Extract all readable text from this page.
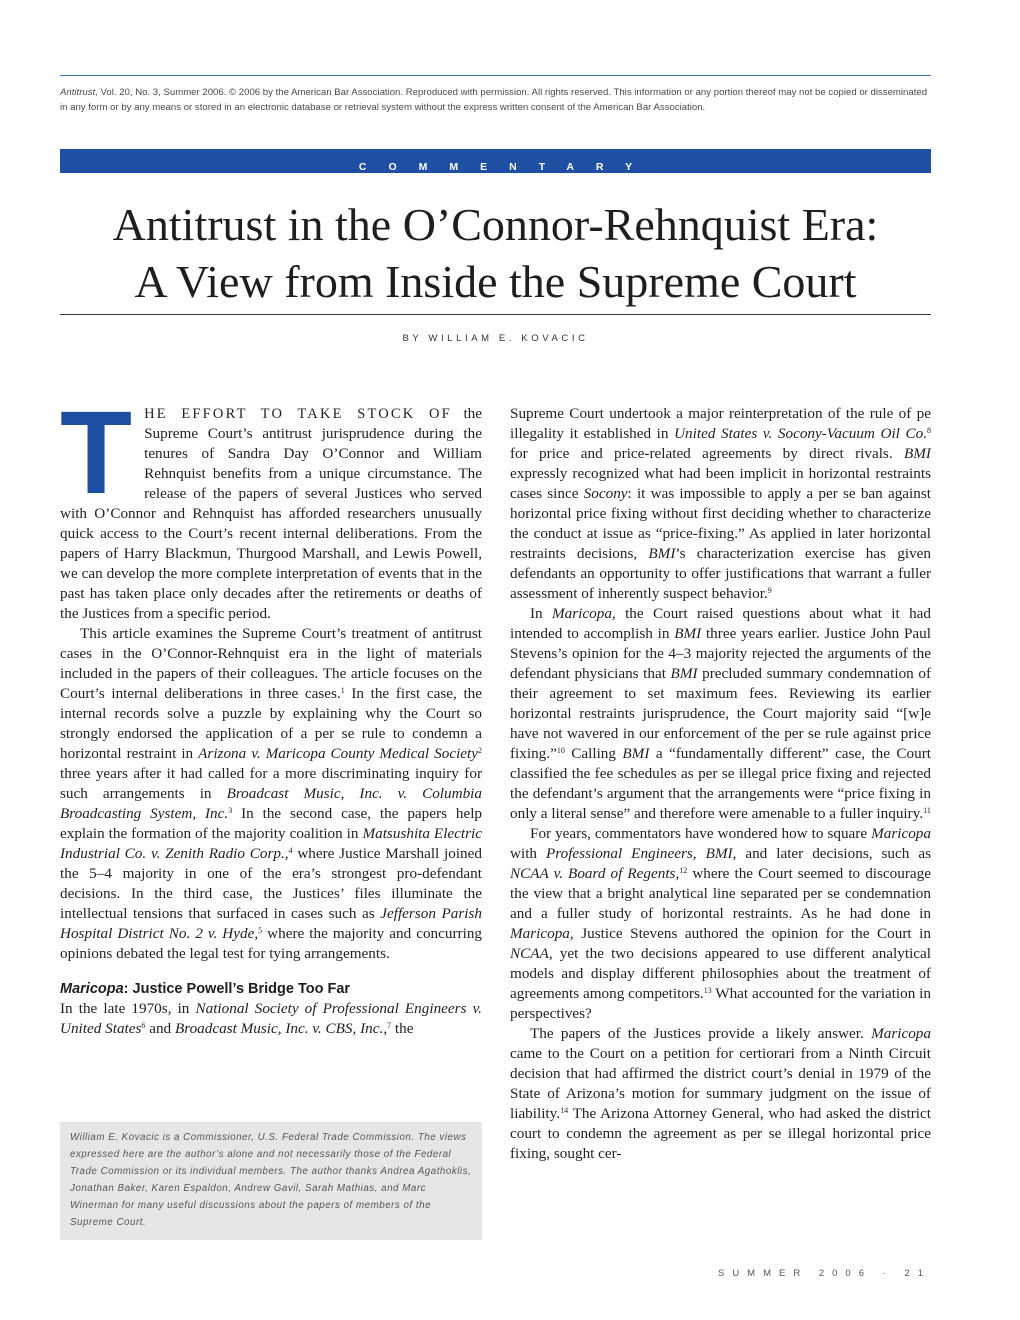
Antitrust, Vol. 20, No. 3, Summer 2006. © 2006 by the American Bar Association. Reproduced with permission. All rights reserved. This information or any portion thereof may not be copied or disseminated in any form or by any means or stored in an electronic database or retrieval system without the express written consent of the American Bar Association.
COMMENTARY
Antitrust in the O’Connor-Rehnquist Era:
A View from Inside the Supreme Court
BY WILLIAM E. KOVACIC

THE EFFORT TO TAKE STOCK OF the Supreme Court’s antitrust jurisprudence during the tenures of Sandra Day O’Connor and William Rehnquist benefits from a unique circumstance. The release of the papers of several Justices who served with O’Connor and Rehnquist has afforded researchers unusually quick access to the Court’s recent internal deliberations. From the papers of Harry Blackmun, Thurgood Marshall, and Lewis Powell, we can develop the more complete interpretation of events that in the past has taken place only decades after the retirements or deaths of the Justices from a specific period.

This article examines the Supreme Court’s treatment of antitrust cases in the O’Connor-Rehnquist era in the light of materials included in the papers of their colleagues. The article focuses on the Court’s internal deliberations in three cases.$^1$ In the first case, the internal records solve a puzzle by explaining why the Court so strongly endorsed the application of a per se rule to condemn a horizontal restraint in Arizona v. Maricopa County Medical Society$^2$ three years after it had called for a more discriminating inquiry for such arrangements in Broadcast Music, Inc. v. Columbia Broadcasting System, Inc.$^3$ In the second case, the papers help explain the formation of the majority coalition in Matsushita Electric Industrial Co. v. Zenith Radio Corp.,$^4$ where Justice Marshall joined the 5–4 majority in one of the era’s strongest pro-defendant decisions. In the third case, the Justices’ files illuminate the intellectual tensions that surfaced in cases such as Jefferson Parish Hospital District No. 2 v. Hyde,$^5$ where the majority and concurring opinions debated the legal test for tying arrangements.

Maricopa: Justice Powell’s Bridge Too Far

In the late 1970s, in National Society of Professional Engineers v. United States$^6$ and Broadcast Music, Inc. v. CBS, Inc.,$^7$ the

William E. Kovacic is a Commissioner, U.S. Federal Trade Commission. The views expressed here are the author’s alone and not necessarily those of the Federal Trade Commission or its individual members. The author thanks Andrea Agathoklis, Jonathan Baker, Karen Espaldon, Andrew Gavil, Sarah Mathias, and Marc Winerman for many useful discussions about the papers of members of the Supreme Court.

Supreme Court undertook a major reinterpretation of the rule of pe illegality it established in United States v. Socony-Vacuum Oil Co.$^8$ for price and price-related agreements by direct rivals. BMI expressly recognized what had been implicit in horizontal restraints cases since Socony: it was impossible to apply a per se ban against horizontal price fixing without first deciding whether to characterize the conduct at issue as “price-fixing.” As applied in later horizontal restraints decisions, BMI’s characterization exercise has given defendants an opportunity to offer justifications that warrant a fuller assessment of inherently suspect behavior.$^9$

In Maricopa, the Court raised questions about what it had intended to accomplish in BMI three years earlier. Justice John Paul Stevens’s opinion for the 4–3 majority rejected the arguments of the defendant physicians that BMI precluded summary condemnation of their agreement to set maximum fees. Reviewing its earlier horizontal restraints jurisprudence, the Court majority said “[w]e have not wavered in our enforcement of the per se rule against price fixing.”$^{10}$ Calling BMI a “fundamentally different” case, the Court classified the fee schedules as per se illegal price fixing and rejected the defendant’s argument that the arrangements were “price fixing in only a literal sense” and therefore were amenable to a fuller inquiry.$^{11}$

For years, commentators have wondered how to square Maricopa with Professional Engineers, BMI, and later decisions, such as NCAA v. Board of Regents,$^{12}$ where the Court seemed to discourage the view that a bright analytical line separated per se condemnation and a fuller study of horizontal restraints. As he had done in Maricopa, Justice Stevens authored the opinion for the Court in NCAA, yet the two decisions appeared to use different analytical models and display different philosophies about the treatment of agreements among competitors.$^{13}$ What accounted for the variation in perspectives?

The papers of the Justices provide a likely answer. Maricopa came to the Court on a petition for certiorari from a Ninth Circuit decision that had affirmed the district court’s denial in 1979 of the State of Arizona’s motion for summary judgment on the issue of liability.$^{14}$ The Arizona Attorney General, who had asked the district court to condemn the agreement as per se illegal horizontal price fixing, sought cer-

SUMMER 2006 · 21
